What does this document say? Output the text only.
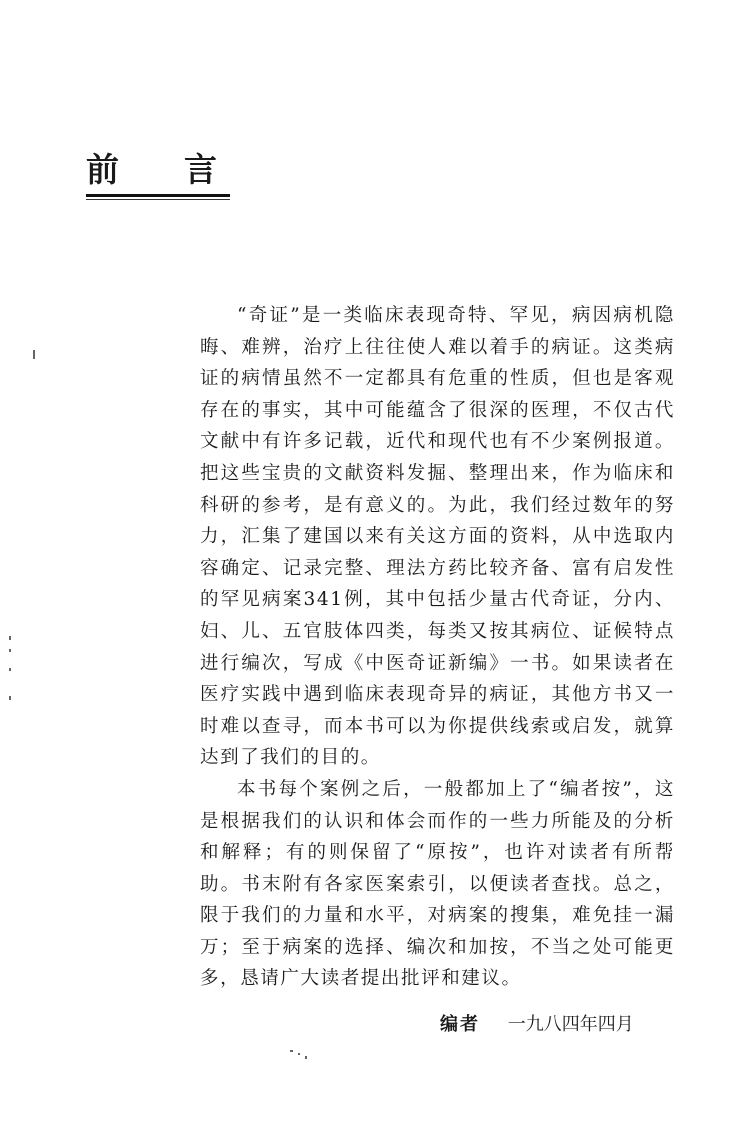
前 言

“奇证”是一类临床表现奇特、罕见，病因病机隐晦、难辨，治疗上往往使人难以着手的病证。这类病证的病情虽然不一定都具有危重的性质，但也是客观存在的事实，其中可能蕴含了很深的医理，不仅古代文献中有许多记载，近代和现代也有不少案例报道。把这些宝贵的文献资料发掘、整理出来，作为临床和科研的参考，是有意义的。为此，我们经过数年的努力，汇集了建国以来有关这方面的资料，从中选取内容确定、记录完整、理法方药比较齐备、富有启发性的罕见病案341例，其中包括少量古代奇证，分内、妇、儿、五官肢体四类，每类又按其病位、证候特点进行编次，写成《中医奇证新编》一书。如果读者在医疗实践中遇到临床表现奇异的病证，其他方书又一时难以查寻，而本书可以为你提供线索或启发，就算达到了我们的目的。

本书每个案例之后，一般都加上了“编者按”，这是根据我们的认识和体会而作的一些力所能及的分析和解释；有的则保留了“原按”，也许对读者有所帮助。书末附有各家医案索引，以便读者查找。总之，限于我们的力量和水平，对病案的搜集，难免挂一漏万；至于病案的选择、编次和加按，不当之处可能更多，恳请广大读者提出批评和建议。

编者 一九八四年四月
